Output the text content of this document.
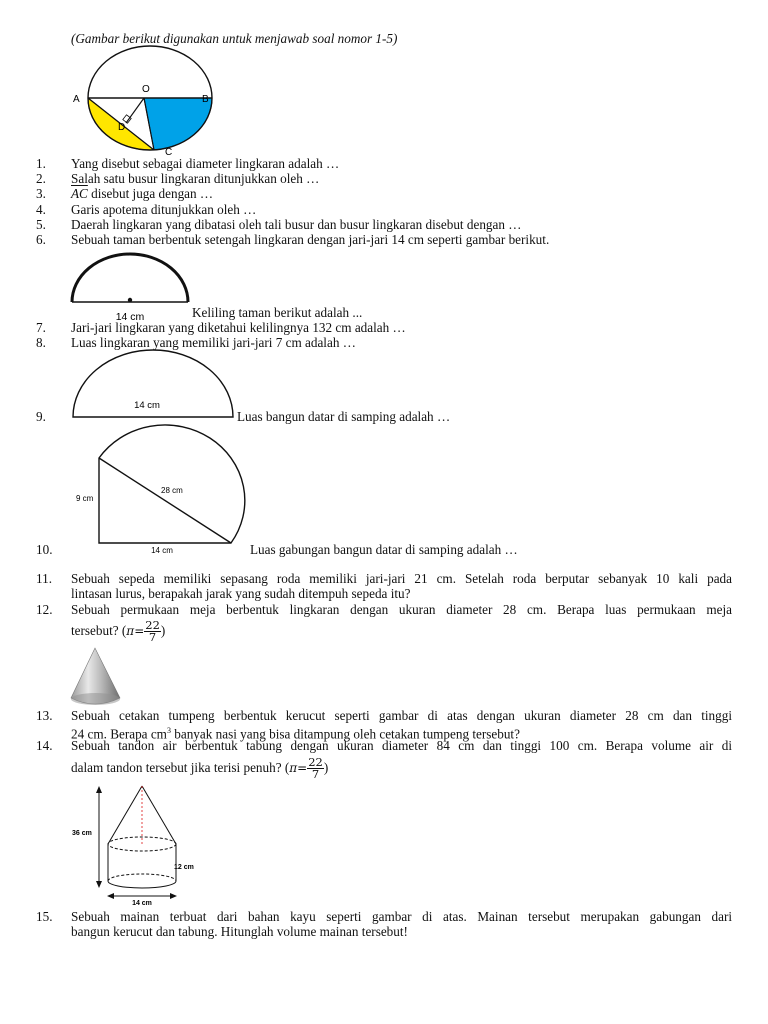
(Gambar berikut digunakan untuk menjawab soal nomor 1-5)
O
A	B
D
C
1.	Yang disebut sebagai diameter lingkaran adalah …
2.	Salah satu busur lingkaran ditunjukkan oleh …
3.	$\overline{AC}$ disebut juga dengan …
4.	Garis apotema ditunjukkan oleh …
5.	Daerah lingkaran yang dibatasi oleh tali busur dan busur lingkaran disebut dengan …
6.	Sebuah taman berbentuk setengah lingkaran dengan jari-jari 14 cm seperti gambar berikut.
14 cm	Keliling taman berikut adalah ...
7.	Jari-jari lingkaran yang diketahui kelilingnya 132 cm adalah …
8.	Luas lingkaran yang memiliki jari-jari 7 cm adalah …
14 cm
9.	Luas bangun datar di samping adalah …
9 cm
28 cm
14 cm
10.	Luas gabungan bangun datar di samping adalah …
11.	Sebuah sepeda memiliki sepasang roda memiliki jari-jari 21 cm. Setelah roda berputar sebanyak 10 kali pada
lintasan lurus, berapakah jarak yang sudah ditempuh sepeda itu?
12.	Sebuah permukaan meja berbentuk lingkaran dengan ukuran diameter 28 cm. Berapa luas permukaan meja
tersebut? ($\pi= \frac{22}{7}$ )
13.	Sebuah cetakan tumpeng berbentuk kerucut seperti gambar di atas dengan ukuran diameter 28 cm dan tinggi
24 cm. Berapa $cm^3$ banyak nasi yang bisa ditampung oleh cetakan tumpeng tersebut?
14.	Sebuah tandon air berbentuk tabung dengan ukuran diameter 84 cm dan tinggi 100 cm. Berapa volume air di
dalam tandon tersebut jika terisi penuh? ($\pi= \frac{22}{7}$ )
36 cm
12 cm
14 cm
15.	Sebuah mainan terbuat dari bahan kayu seperti gambar di atas. Mainan tersebut merupakan gabungan dari
bangun kerucut dan tabung. Hitunglah volume mainan tersebut!
